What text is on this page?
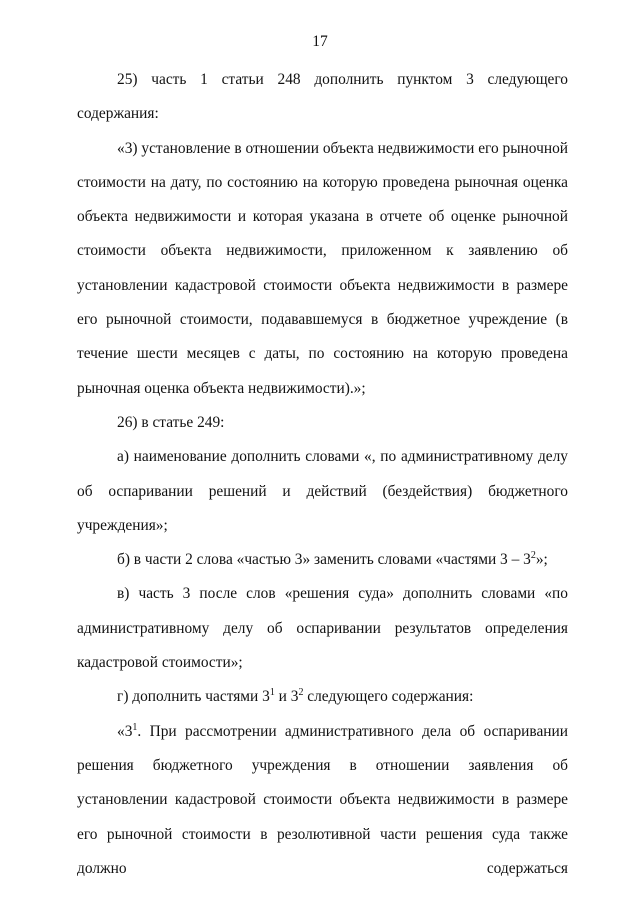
17

25) часть 1 статьи 248 дополнить пунктом 3 следующего содержания:

«3) установление в отношении объекта недвижимости его рыночной стоимости на дату, по состоянию на которую проведена рыночная оценка объекта недвижимости и которая указана в отчете об оценке рыночной стоимости объекта недвижимости, приложенном к заявлению об установлении кадастровой стоимости объекта недвижимости в размере его рыночной стоимости, подававшемуся в бюджетное учреждение (в течение шести месяцев с даты, по состоянию на которую проведена рыночная оценка объекта недвижимости).»;

26) в статье 249:

а) наименование дополнить словами «, по административному делу об оспаривании решений и действий (бездействия) бюджетного учреждения»;

б) в части 2 слова «частью 3» заменить словами «частями $3 - 3^2$»;

в) часть 3 после слов «решения суда» дополнить словами «по административному делу об оспаривании результатов определения кадастровой стоимости»;

г) дополнить частями $3^1$ и $3^2$ следующего содержания:

«$3^1$. При рассмотрении административного дела об оспаривании решения бюджетного учреждения в отношении заявления об установлении кадастровой стоимости объекта недвижимости в размере его рыночной стоимости в резолютивной части решения суда также должно содержаться
